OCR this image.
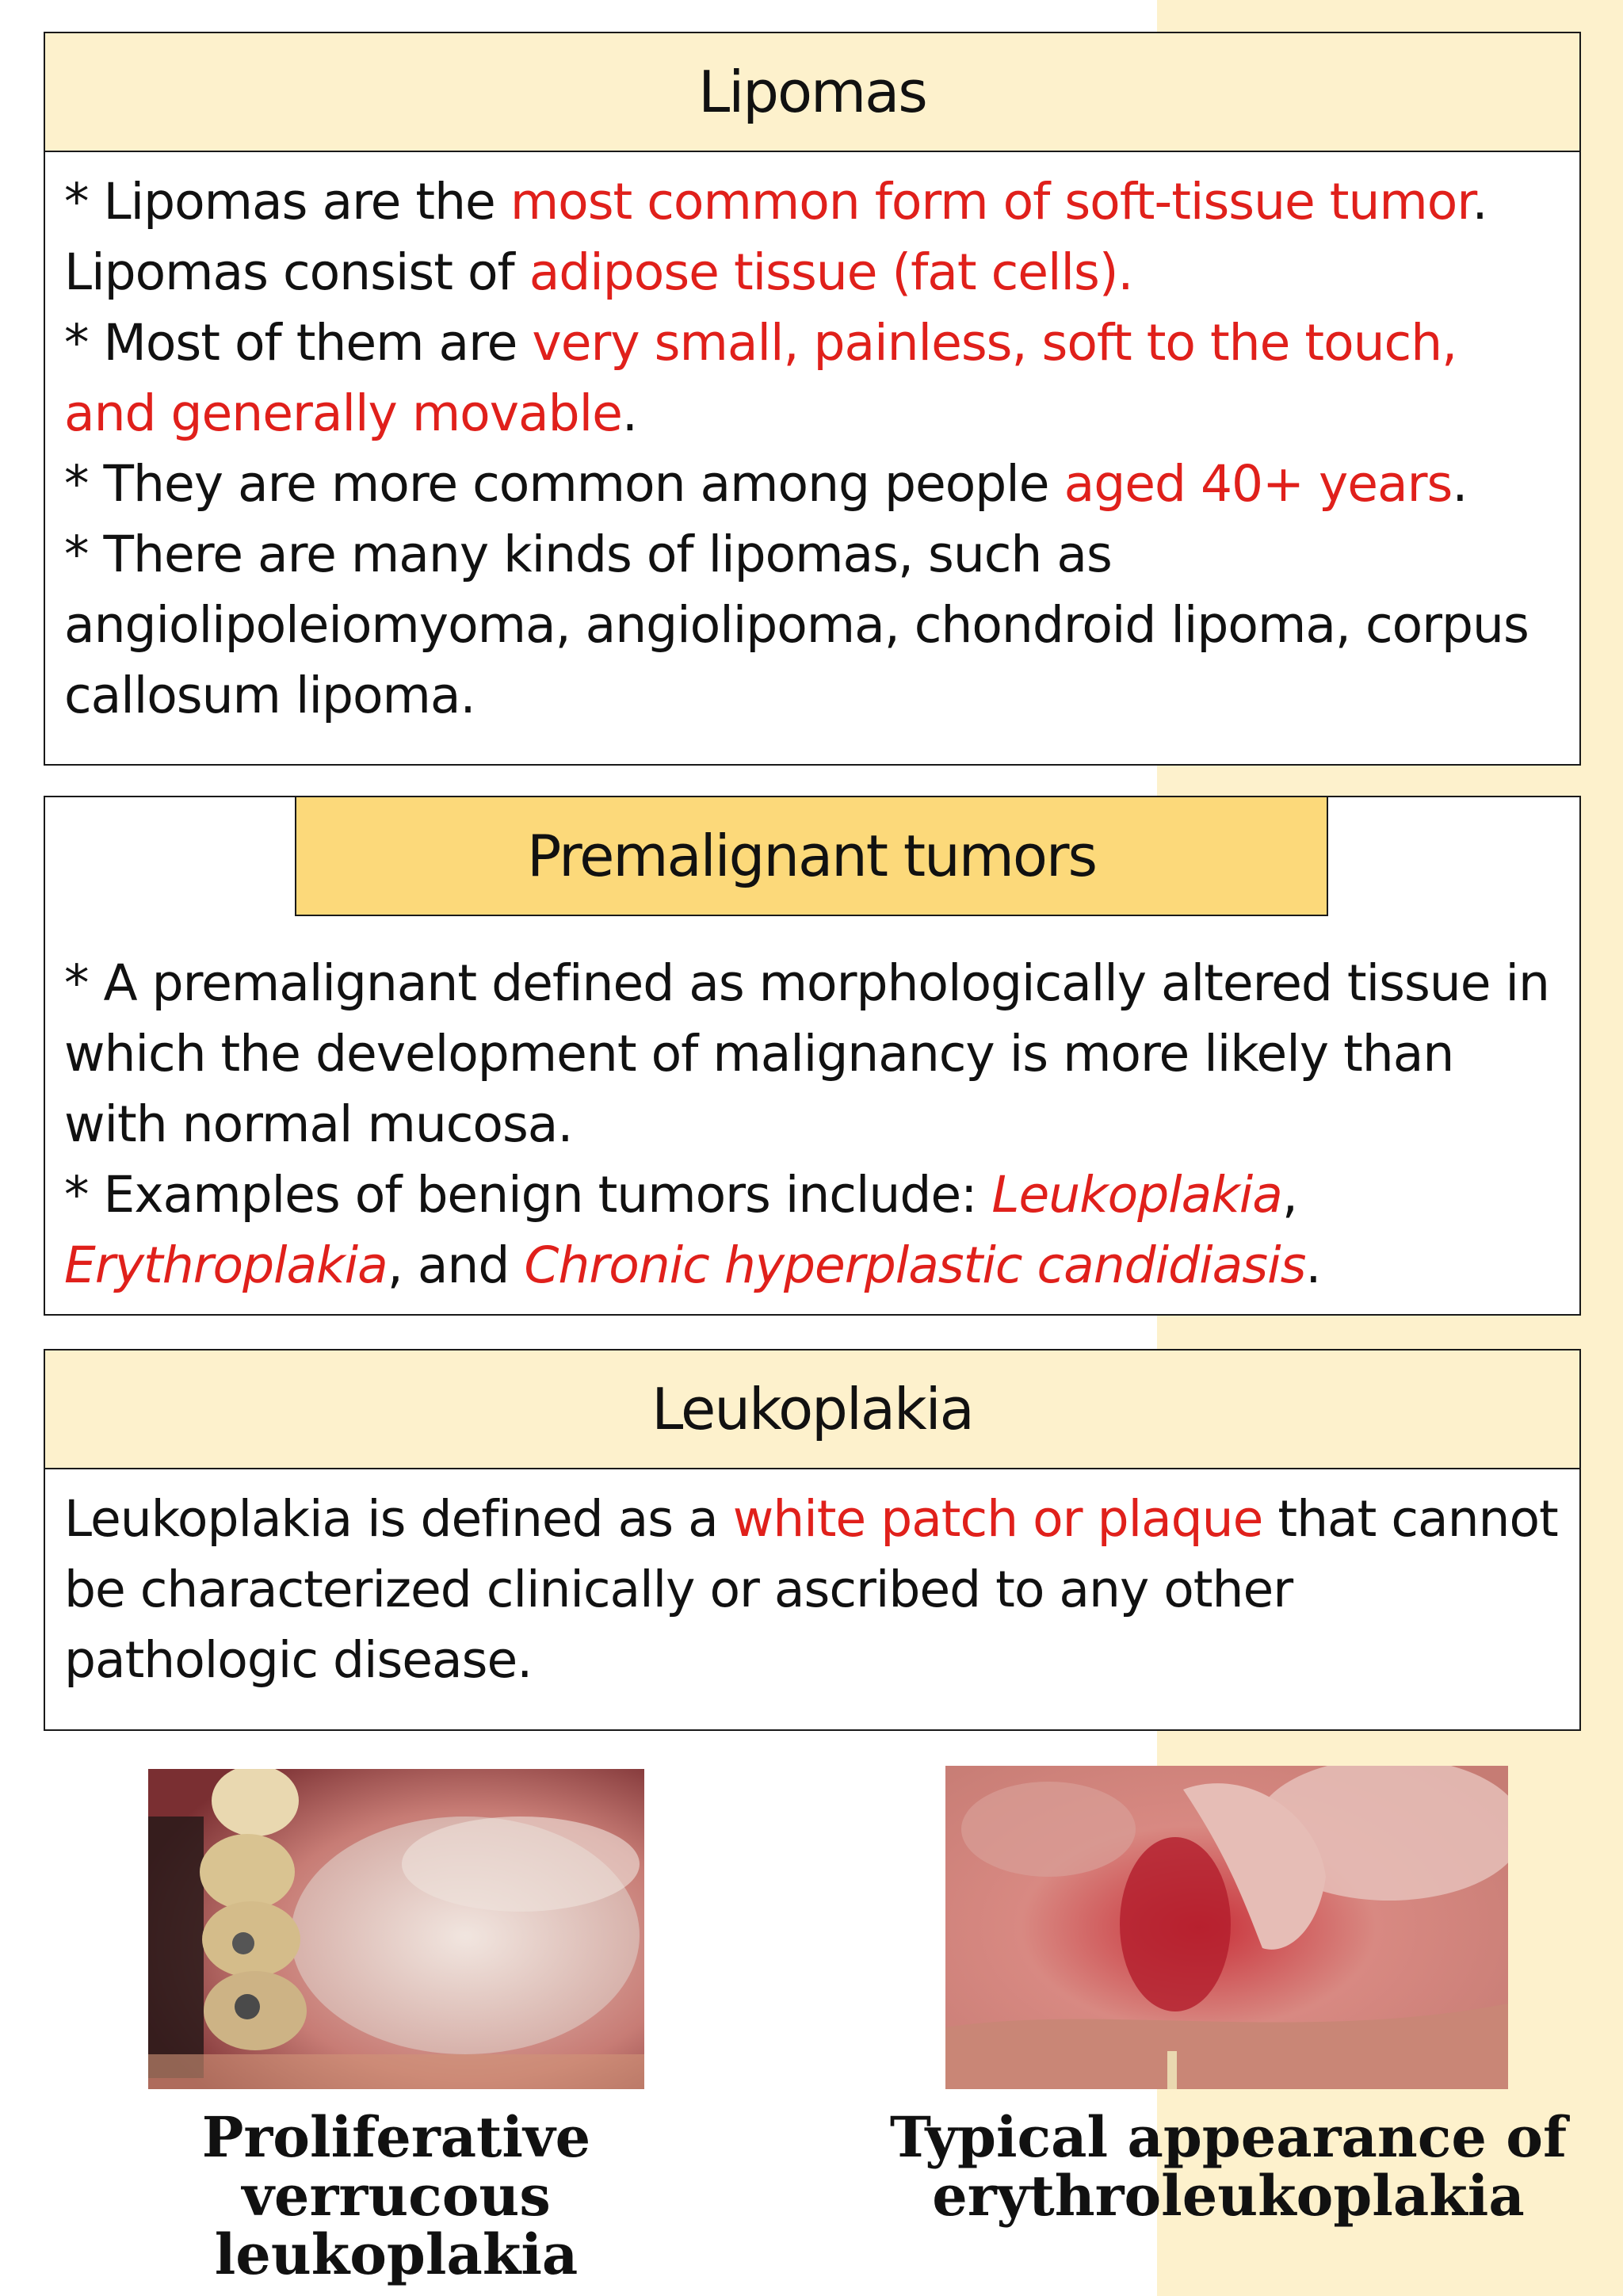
Lipomas

* Lipomas are the most common form of soft-tissue tumor. Lipomas consist of adipose tissue (fat cells).

* Most of them are very small, painless, soft to the touch, and generally movable.

* They are more common among people aged 40+ years.

* There are many kinds of lipomas, such as angiolipoleiomyoma, angiolipoma, chondroid lipoma, corpus callosum lipoma.

Premalignant tumors

* A premalignant defined as morphologically altered tissue in which the development of malignancy is more likely than with normal mucosa.

* Examples of benign tumors include: Leukoplakia, Erythroplakia, and Chronic hyperplastic candidiasis.

Leukoplakia

Leukoplakia is defined as a white patch or plaque that cannot be characterized clinically or ascribed to any other pathologic disease.

Proliferative verrucous
leukoplakia
Typical appearance of
erythroleukoplakia
